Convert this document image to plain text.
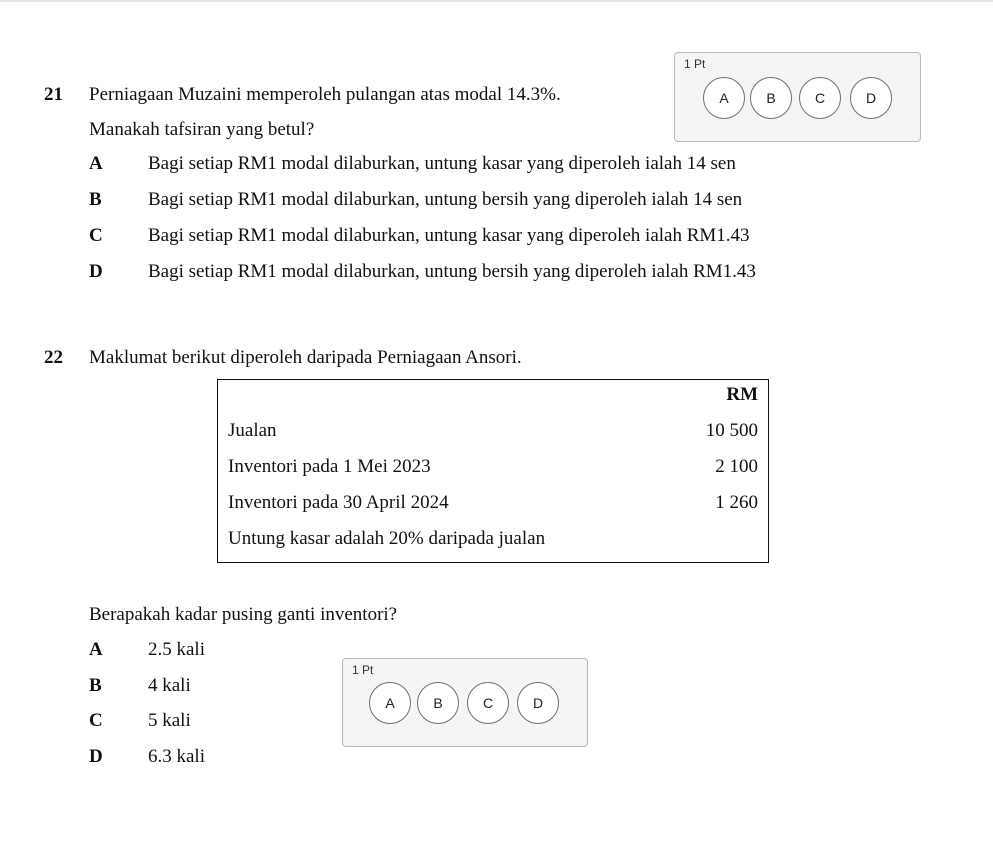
21 Perniagaan Muzaini memperoleh pulangan atas modal 14.3%.
Manakah tafsiran yang betul?
A Bagi setiap RM1 modal dilaburkan, untung kasar yang diperoleh ialah 14 sen
B Bagi setiap RM1 modal dilaburkan, untung bersih yang diperoleh ialah 14 sen
C Bagi setiap RM1 modal dilaburkan, untung kasar yang diperoleh ialah RM1.43
D Bagi setiap RM1 modal dilaburkan, untung bersih yang diperoleh ialah RM1.43
1 Pt
A	B	C	D
22 Maklumat berikut diperoleh daripada Perniagaan Ansori.
RM
Jualan	10 500
Inventori pada 1 Mei 2023	2 100
Inventori pada 30 April 2024	1 260
Untung kasar adalah 20% daripada jualan
Berapakah kadar pusing ganti inventori?
A 2.5 kali
B 4 kali
C 5 kali
D 6.3 kali
1 Pt
A	B	C	D
